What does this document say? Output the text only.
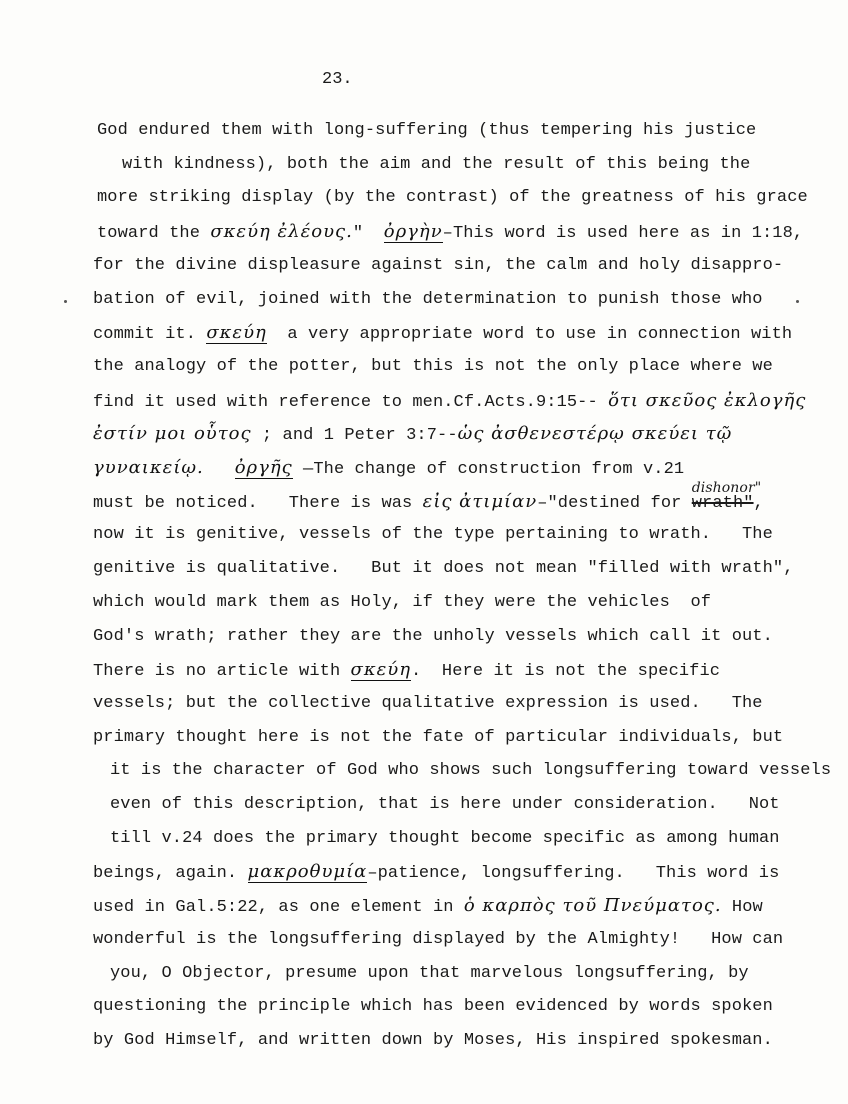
23.
God endured them with long-suffering (thus tempering his justice
with kindness), both the aim and the result of this being the
more striking display (by the contrast) of the greatness of his grace
toward the σκεύη ἐλέους."  ὀργὴν–This word is used here as in 1:18,
for the divine displeasure against sin, the calm and holy disappro-
bation of evil, joined with the determination to punish those who
commit it. σκεύη  a very appropriate word to use in connection with
the analogy of the potter, but this is not the only place where we
find it used with reference to men.Cf.Acts.9:15-- ὅτι σκεῦος ἐκλογῆς
ἐστίν μοι οὗτος ; and 1 Peter 3:7--ὡς ἀσθενεστέρῳ σκεύει τῷ
γυναικείῳ. ὀργῆς —The change of construction from v.21
must be noticed.   There is was εἰς ἀτιμίαν–"destined for wrath"
dishonor"
,
now it is genitive, vessels of the type pertaining to wrath.   The
genitive is qualitative.   But it does not mean "filled with wrath",
which would mark them as Holy, if they were the vehicles  of
God's wrath; rather they are the unholy vessels which call it out.
There is no article with σκεύη.  Here it is not the specific
vessels; but the collective qualitative expression is used.   The
primary thought here is not the fate of particular individuals, but
it is the character of God who shows such longsuffering toward vessels
even of this description, that is here under consideration.   Not
till v.24 does the primary thought become specific as among human
beings, again. μακροθυμία–patience, longsuffering.   This word is
used in Gal.5:22, as one element in ὁ καρπὸς τοῦ Πνεύματος. How
wonderful is the longsuffering displayed by the Almighty!   How can
you, O Objector, presume upon that marvelous longsuffering, by
questioning the principle which has been evidenced by words spoken
by God Himself, and written down by Moses, His inspired spokesman.
